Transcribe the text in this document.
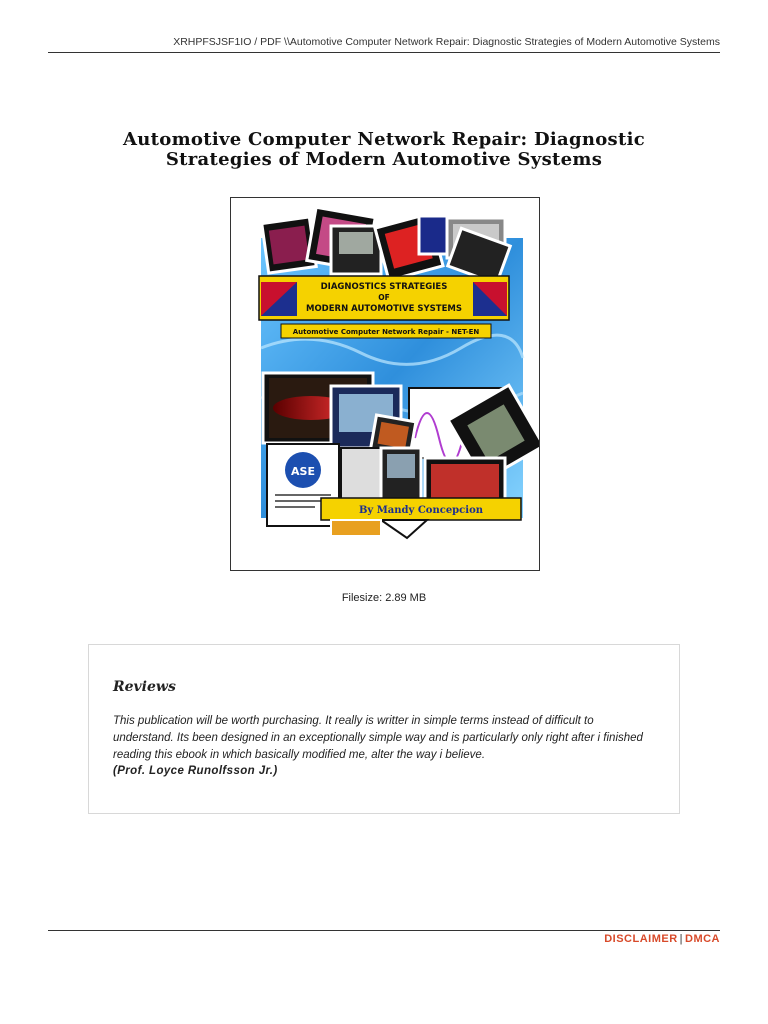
XRHPFSJSF1IO / PDF \\Automotive Computer Network Repair: Diagnostic Strategies of Modern Automotive Systems
Automotive Computer Network Repair: Diagnostic
Strategies of Modern Automotive Systems
DIAGNOSTICS STRATEGIES
OF
MODERN AUTOMOTIVE SYSTEMS
Automotive Computer Network Repair - NET-EN
ASE
By Mandy Concepcion
Filesize: 2.89 MB
Reviews
This publication will be worth purchasing. It really is writter in simple terms instead of difficult to understand. Its been designed in an exceptionally simple way and is particularly only right after i finished reading this ebook in which basically modified me, alter the way i believe.
(Prof. Loyce Runolfsson Jr.)
DISCLAIMER | DMCA
